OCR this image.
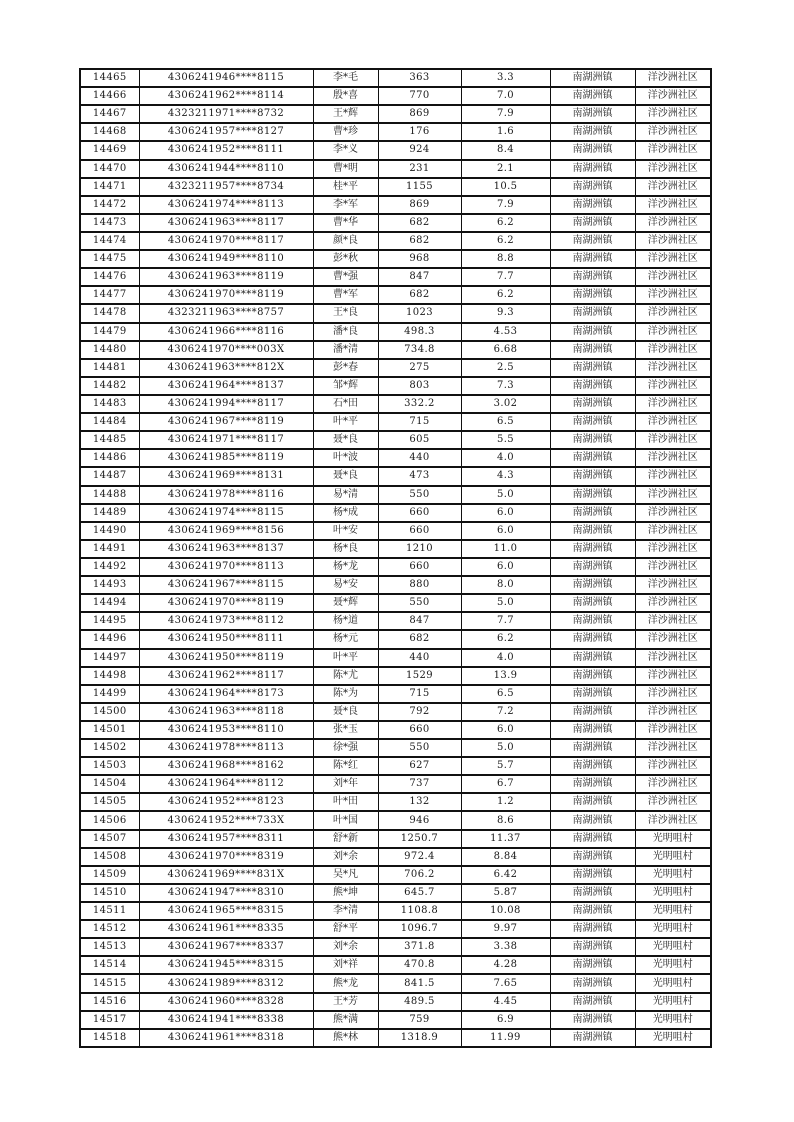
14465	4306241946****8115	李*毛	363	3.3	南湖洲镇	洋沙洲社区
14466	4306241962****8114	殷*喜	770	7.0	南湖洲镇	洋沙洲社区
14467	4323211971****8732	王*辉	869	7.9	南湖洲镇	洋沙洲社区
14468	4306241957****8127	曹*珍	176	1.6	南湖洲镇	洋沙洲社区
14469	4306241952****8111	李*义	924	8.4	南湖洲镇	洋沙洲社区
14470	4306241944****8110	曹*明	231	2.1	南湖洲镇	洋沙洲社区
14471	4323211957****8734	桂*平	1155	10.5	南湖洲镇	洋沙洲社区
14472	4306241974****8113	李*军	869	7.9	南湖洲镇	洋沙洲社区
14473	4306241963****8117	曹*华	682	6.2	南湖洲镇	洋沙洲社区
14474	4306241970****8117	颜*良	682	6.2	南湖洲镇	洋沙洲社区
14475	4306241949****8110	彭*秋	968	8.8	南湖洲镇	洋沙洲社区
14476	4306241963****8119	曹*强	847	7.7	南湖洲镇	洋沙洲社区
14477	4306241970****8119	曹*军	682	6.2	南湖洲镇	洋沙洲社区
14478	4323211963****8757	王*良	1023	9.3	南湖洲镇	洋沙洲社区
14479	4306241966****8116	潘*良	498.3	4.53	南湖洲镇	洋沙洲社区
14480	4306241970****003X	潘*清	734.8	6.68	南湖洲镇	洋沙洲社区
14481	4306241963****812X	彭*春	275	2.5	南湖洲镇	洋沙洲社区
14482	4306241964****8137	邹*辉	803	7.3	南湖洲镇	洋沙洲社区
14483	4306241994****8117	石*田	332.2	3.02	南湖洲镇	洋沙洲社区
14484	4306241967****8119	叶*平	715	6.5	南湖洲镇	洋沙洲社区
14485	4306241971****8117	聂*良	605	5.5	南湖洲镇	洋沙洲社区
14486	4306241985****8119	叶*波	440	4.0	南湖洲镇	洋沙洲社区
14487	4306241969****8131	聂*良	473	4.3	南湖洲镇	洋沙洲社区
14488	4306241978****8116	易*清	550	5.0	南湖洲镇	洋沙洲社区
14489	4306241974****8115	杨*成	660	6.0	南湖洲镇	洋沙洲社区
14490	4306241969****8156	叶*安	660	6.0	南湖洲镇	洋沙洲社区
14491	4306241963****8137	杨*良	1210	11.0	南湖洲镇	洋沙洲社区
14492	4306241970****8113	杨*龙	660	6.0	南湖洲镇	洋沙洲社区
14493	4306241967****8115	易*安	880	8.0	南湖洲镇	洋沙洲社区
14494	4306241970****8119	聂*辉	550	5.0	南湖洲镇	洋沙洲社区
14495	4306241973****8112	杨*道	847	7.7	南湖洲镇	洋沙洲社区
14496	4306241950****8111	杨*元	682	6.2	南湖洲镇	洋沙洲社区
14497	4306241950****8119	叶*平	440	4.0	南湖洲镇	洋沙洲社区
14498	4306241962****8117	陈*尤	1529	13.9	南湖洲镇	洋沙洲社区
14499	4306241964****8173	陈*为	715	6.5	南湖洲镇	洋沙洲社区
14500	4306241963****8118	聂*良	792	7.2	南湖洲镇	洋沙洲社区
14501	4306241953****8110	张*玉	660	6.0	南湖洲镇	洋沙洲社区
14502	4306241978****8113	徐*强	550	5.0	南湖洲镇	洋沙洲社区
14503	4306241968****8162	陈*红	627	5.7	南湖洲镇	洋沙洲社区
14504	4306241964****8112	刘*年	737	6.7	南湖洲镇	洋沙洲社区
14505	4306241952****8123	叶*田	132	1.2	南湖洲镇	洋沙洲社区
14506	4306241952****733X	叶*国	946	8.6	南湖洲镇	洋沙洲社区
14507	4306241957****8311	舒*新	1250.7	11.37	南湖洲镇	光明咀村
14508	4306241970****8319	刘*余	972.4	8.84	南湖洲镇	光明咀村
14509	4306241969****831X	吴*凡	706.2	6.42	南湖洲镇	光明咀村
14510	4306241947****8310	熊*坤	645.7	5.87	南湖洲镇	光明咀村
14511	4306241965****8315	李*清	1108.8	10.08	南湖洲镇	光明咀村
14512	4306241961****8335	舒*平	1096.7	9.97	南湖洲镇	光明咀村
14513	4306241967****8337	刘*余	371.8	3.38	南湖洲镇	光明咀村
14514	4306241945****8315	刘*祥	470.8	4.28	南湖洲镇	光明咀村
14515	4306241989****8312	熊*龙	841.5	7.65	南湖洲镇	光明咀村
14516	4306241960****8328	王*芳	489.5	4.45	南湖洲镇	光明咀村
14517	4306241941****8338	熊*满	759	6.9	南湖洲镇	光明咀村
14518	4306241961****8318	熊*林	1318.9	11.99	南湖洲镇	光明咀村
